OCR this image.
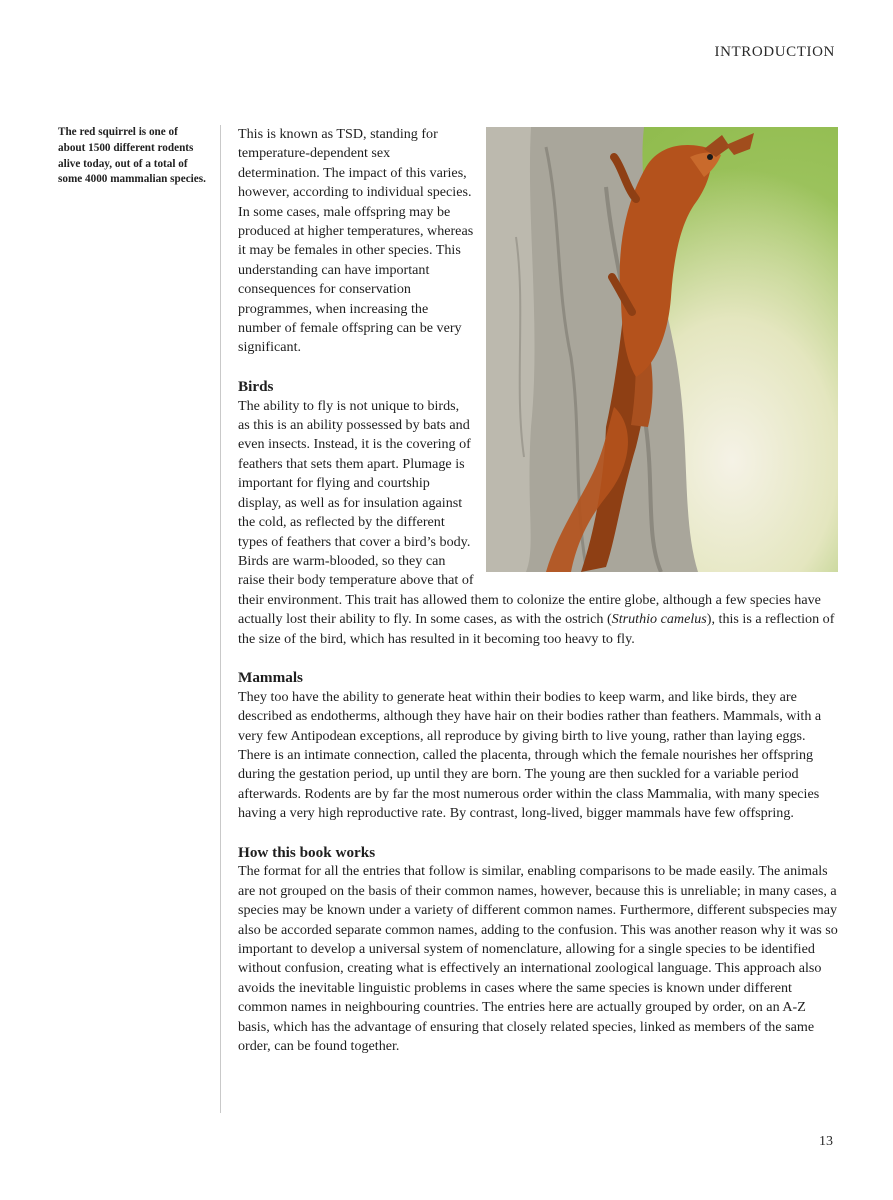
INTRODUCTION

The red squirrel is one of about 1500 different rodents alive today, out of a total of some 4000 mammalian species.

This is known as TSD, standing for temperature-dependent sex determination. The impact of this varies, however, according to individual species. In some cases, male offspring may be produced at higher temperatures, whereas it may be females in other species. This understanding can have important consequences for conservation programmes, when increasing the number of female offspring can be very significant.

Birds

The ability to fly is not unique to birds, as this is an ability possessed by bats and even insects. Instead, it is the covering of feathers that sets them apart. Plumage is important for flying and courtship display, as well as for insulation against the cold, as reflected by the different types of feathers that cover a bird’s body. Birds are warm-blooded, so they can raise their body temperature above that of their environment. This trait has allowed them to colonize the entire globe, although a few species have actually lost their ability to fly. In some cases, as with the ostrich (Struthio camelus), this is a reflection of the size of the bird, which has resulted in it becoming too heavy to fly.

Mammals

They too have the ability to generate heat within their bodies to keep warm, and like birds, they are described as endotherms, although they have hair on their bodies rather than feathers. Mammals, with a very few Antipodean exceptions, all reproduce by giving birth to live young, rather than laying eggs. There is an intimate connection, called the placenta, through which the female nourishes her offspring during the gestation period, up until they are born. The young are then suckled for a variable period afterwards. Rodents are by far the most numerous order within the class Mammalia, with many species having a very high reproductive rate. By contrast, long-lived, bigger mammals have few offspring.

How this book works

The format for all the entries that follow is similar, enabling comparisons to be made easily. The animals are not grouped on the basis of their common names, however, because this is unreliable; in many cases, a species may be known under a variety of different common names. Furthermore, different subspecies may also be accorded separate common names, adding to the confusion. This was another reason why it was so important to develop a universal system of nomenclature, allowing for a single species to be identified without confusion, creating what is effectively an international zoological language. This approach also avoids the inevitable linguistic problems in cases where the same species is known under different common names in neighbouring countries. The entries here are actually grouped by order, on an A-Z basis, which has the advantage of ensuring that closely related species, linked as members of the same order, can be found together.

13
